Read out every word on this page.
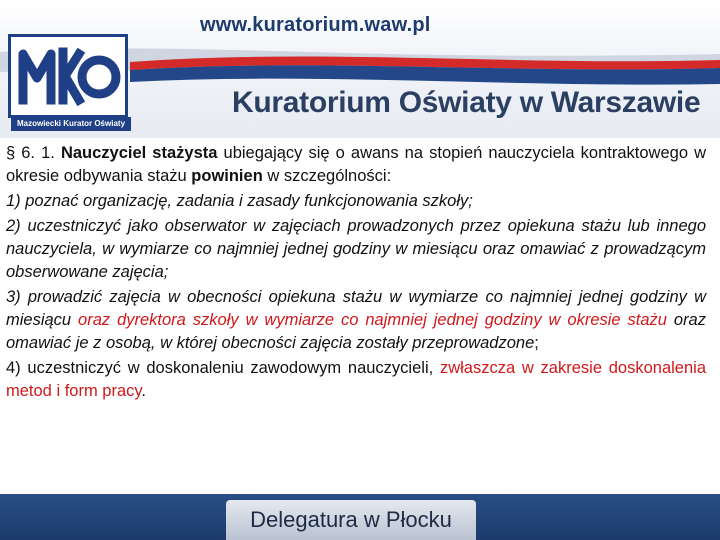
www.kuratorium.waw.pl
Mazowiecki Kurator Oświaty
Kuratorium Oświaty w Warszawie

§ 6. 1. Nauczyciel stażysta ubiegający się o awans na stopień nauczyciela kontraktowego w okresie odbywania stażu powinien w szczególności:

1) poznać organizację, zadania i zasady funkcjonowania szkoły;

2) uczestniczyć jako obserwator w zajęciach prowadzonych przez opiekuna stażu lub innego nauczyciela, w wymiarze co najmniej jednej godziny w miesiącu oraz omawiać z prowadzącym obserwowane zajęcia;

3) prowadzić zajęcia w obecności opiekuna stażu w wymiarze co najmniej jednej godziny w miesiącu oraz dyrektora szkoły w wymiarze co najmniej jednej godziny w okresie stażu oraz omawiać je z osobą, w której obecności zajęcia zostały przeprowadzone;

4) uczestniczyć w doskonaleniu zawodowym nauczycieli, zwłaszcza w zakresie doskonalenia metod i form pracy.

Delegatura w Płocku
